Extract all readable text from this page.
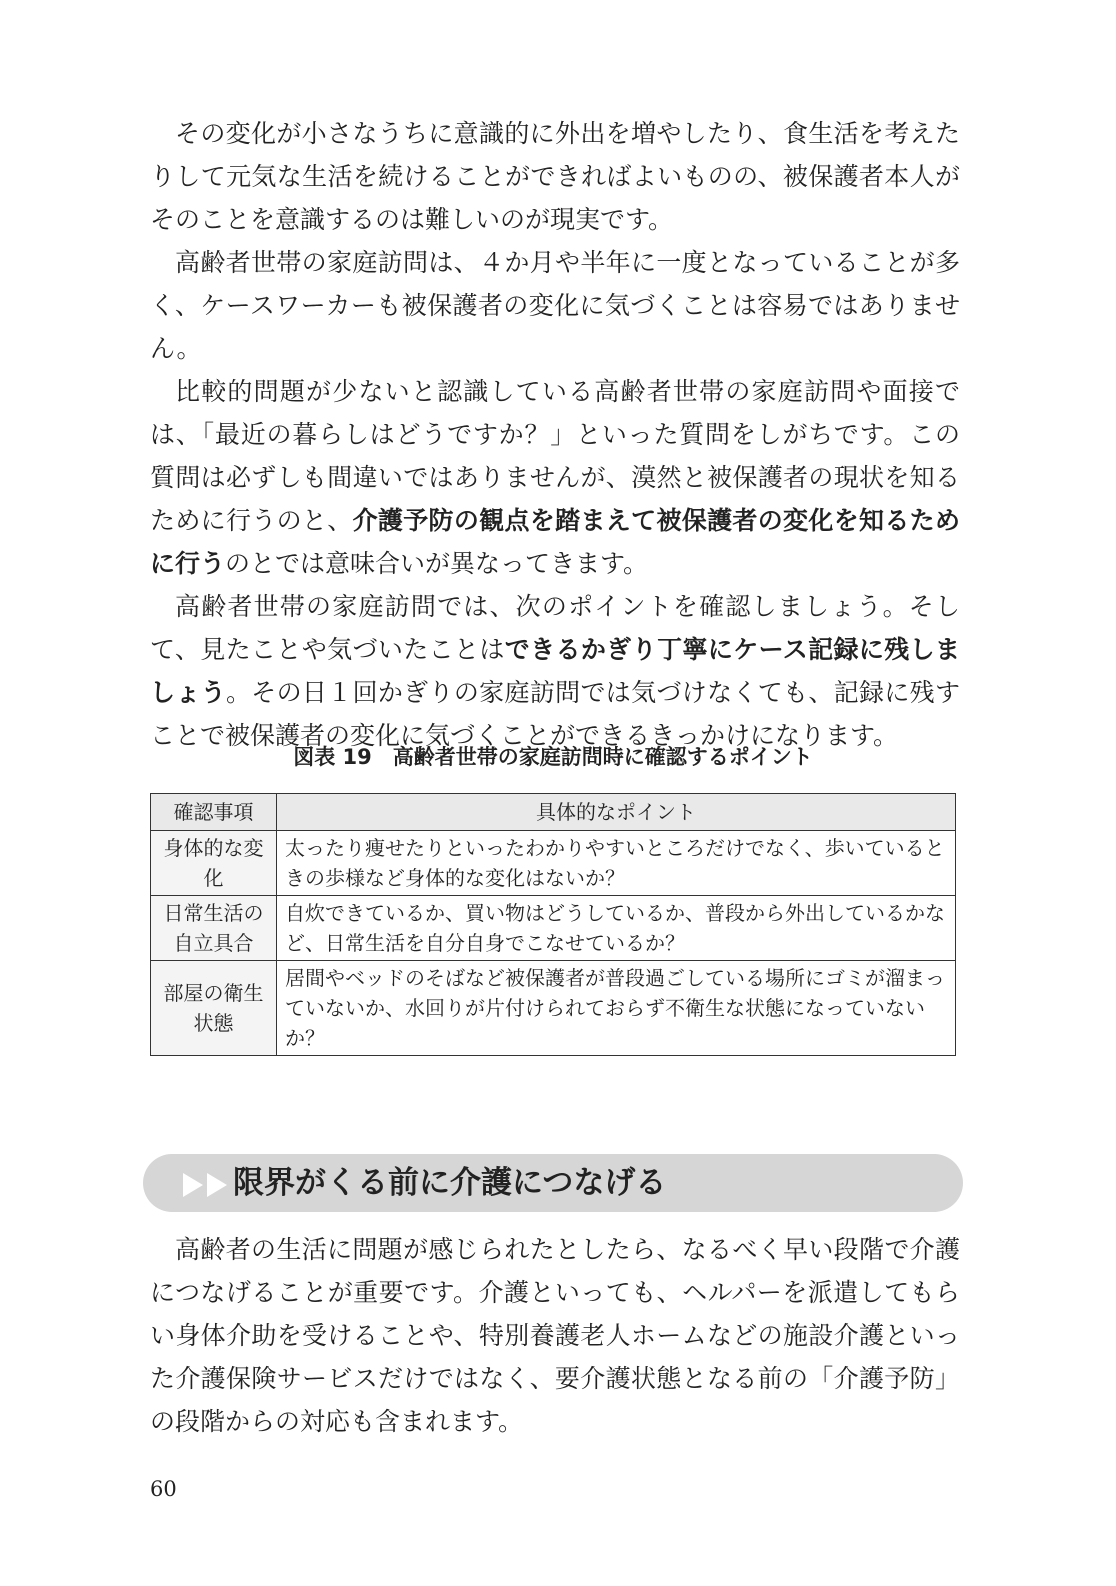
その変化が小さなうちに意識的に外出を増やしたり、食生活を考えたりして元気な生活を続けることができればよいものの、被保護者本人がそのことを意識するのは難しいのが現実です。

高齢者世帯の家庭訪問は、４か月や半年に一度となっていることが多く、ケースワーカーも被保護者の変化に気づくことは容易ではありません。

比較的問題が少ないと認識している高齢者世帯の家庭訪問や面接では、「最近の暮らしはどうですか？」といった質問をしがちです。この質問は必ずしも間違いではありませんが、漠然と被保護者の現状を知るために行うのと、介護予防の観点を踏まえて被保護者の変化を知るために行うのとでは意味合いが異なってきます。

高齢者世帯の家庭訪問では、次のポイントを確認しましょう。そして、見たことや気づいたことはできるかぎり丁寧にケース記録に残しましょう。その日１回かぎりの家庭訪問では気づけなくても、記録に残すことで被保護者の変化に気づくことができるきっかけになります。

図表 19　高齢者世帯の家庭訪問時に確認するポイント
確認事項	具体的なポイント
身体的な変化	太ったり痩せたりといったわかりやすいところだけでなく、歩いているときの歩様など身体的な変化はないか？
日常生活の自立具合	自炊できているか、買い物はどうしているか、普段から外出しているかなど、日常生活を自分自身でこなせているか？
部屋の衛生状態	居間やベッドのそばなど被保護者が普段過ごしている場所にゴミが溜まっていないか、水回りが片付けられておらず不衛生な状態になっていないか？
限界がくる前に介護につなげる

高齢者の生活に問題が感じられたとしたら、なるべく早い段階で介護につなげることが重要です。介護といっても、ヘルパーを派遣してもらい身体介助を受けることや、特別養護老人ホームなどの施設介護といった介護保険サービスだけではなく、要介護状態となる前の「介護予防」の段階からの対応も含まれます。

60
